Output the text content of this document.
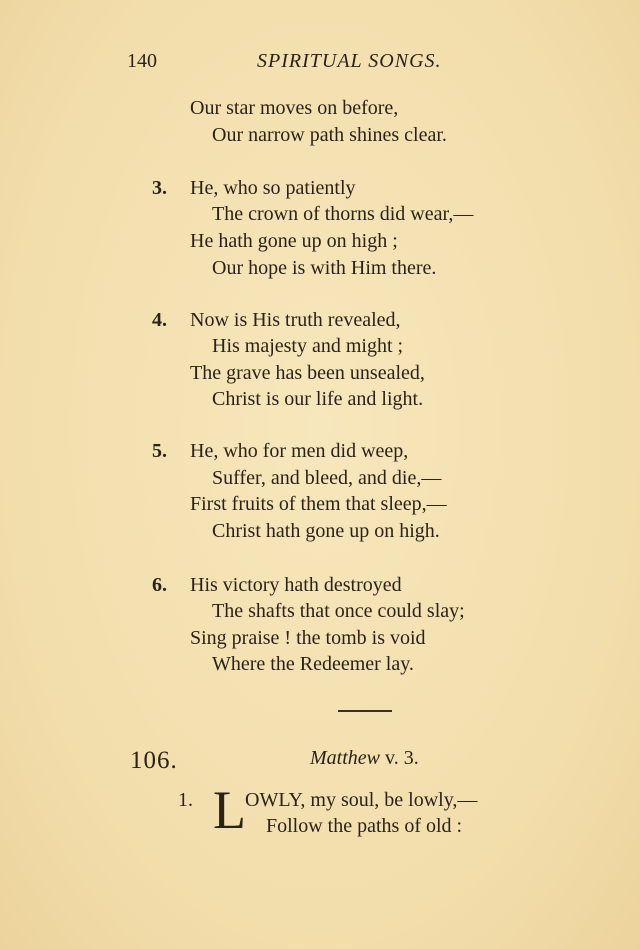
140	SPIRITUAL SONGS.
Our star moves on before,
Our narrow path shines clear.
3. He, who so patiently
The crown of thorns did wear,—
He hath gone up on high ;
Our hope is with Him there.
4. Now is His truth revealed,
His majesty and might ;
The grave has been unsealed,
Christ is our life and light.
5. He, who for men did weep,
Suffer, and bleed, and die,—
First fruits of them that sleep,—
Christ hath gone up on high.
6. His victory hath destroyed
The shafts that once could slay;
Sing praise ! the tomb is void
Where the Redeemer lay.
106.	Matthew v. 3.
1. L OWLY, my soul, be lowly,—
Follow the paths of old :
